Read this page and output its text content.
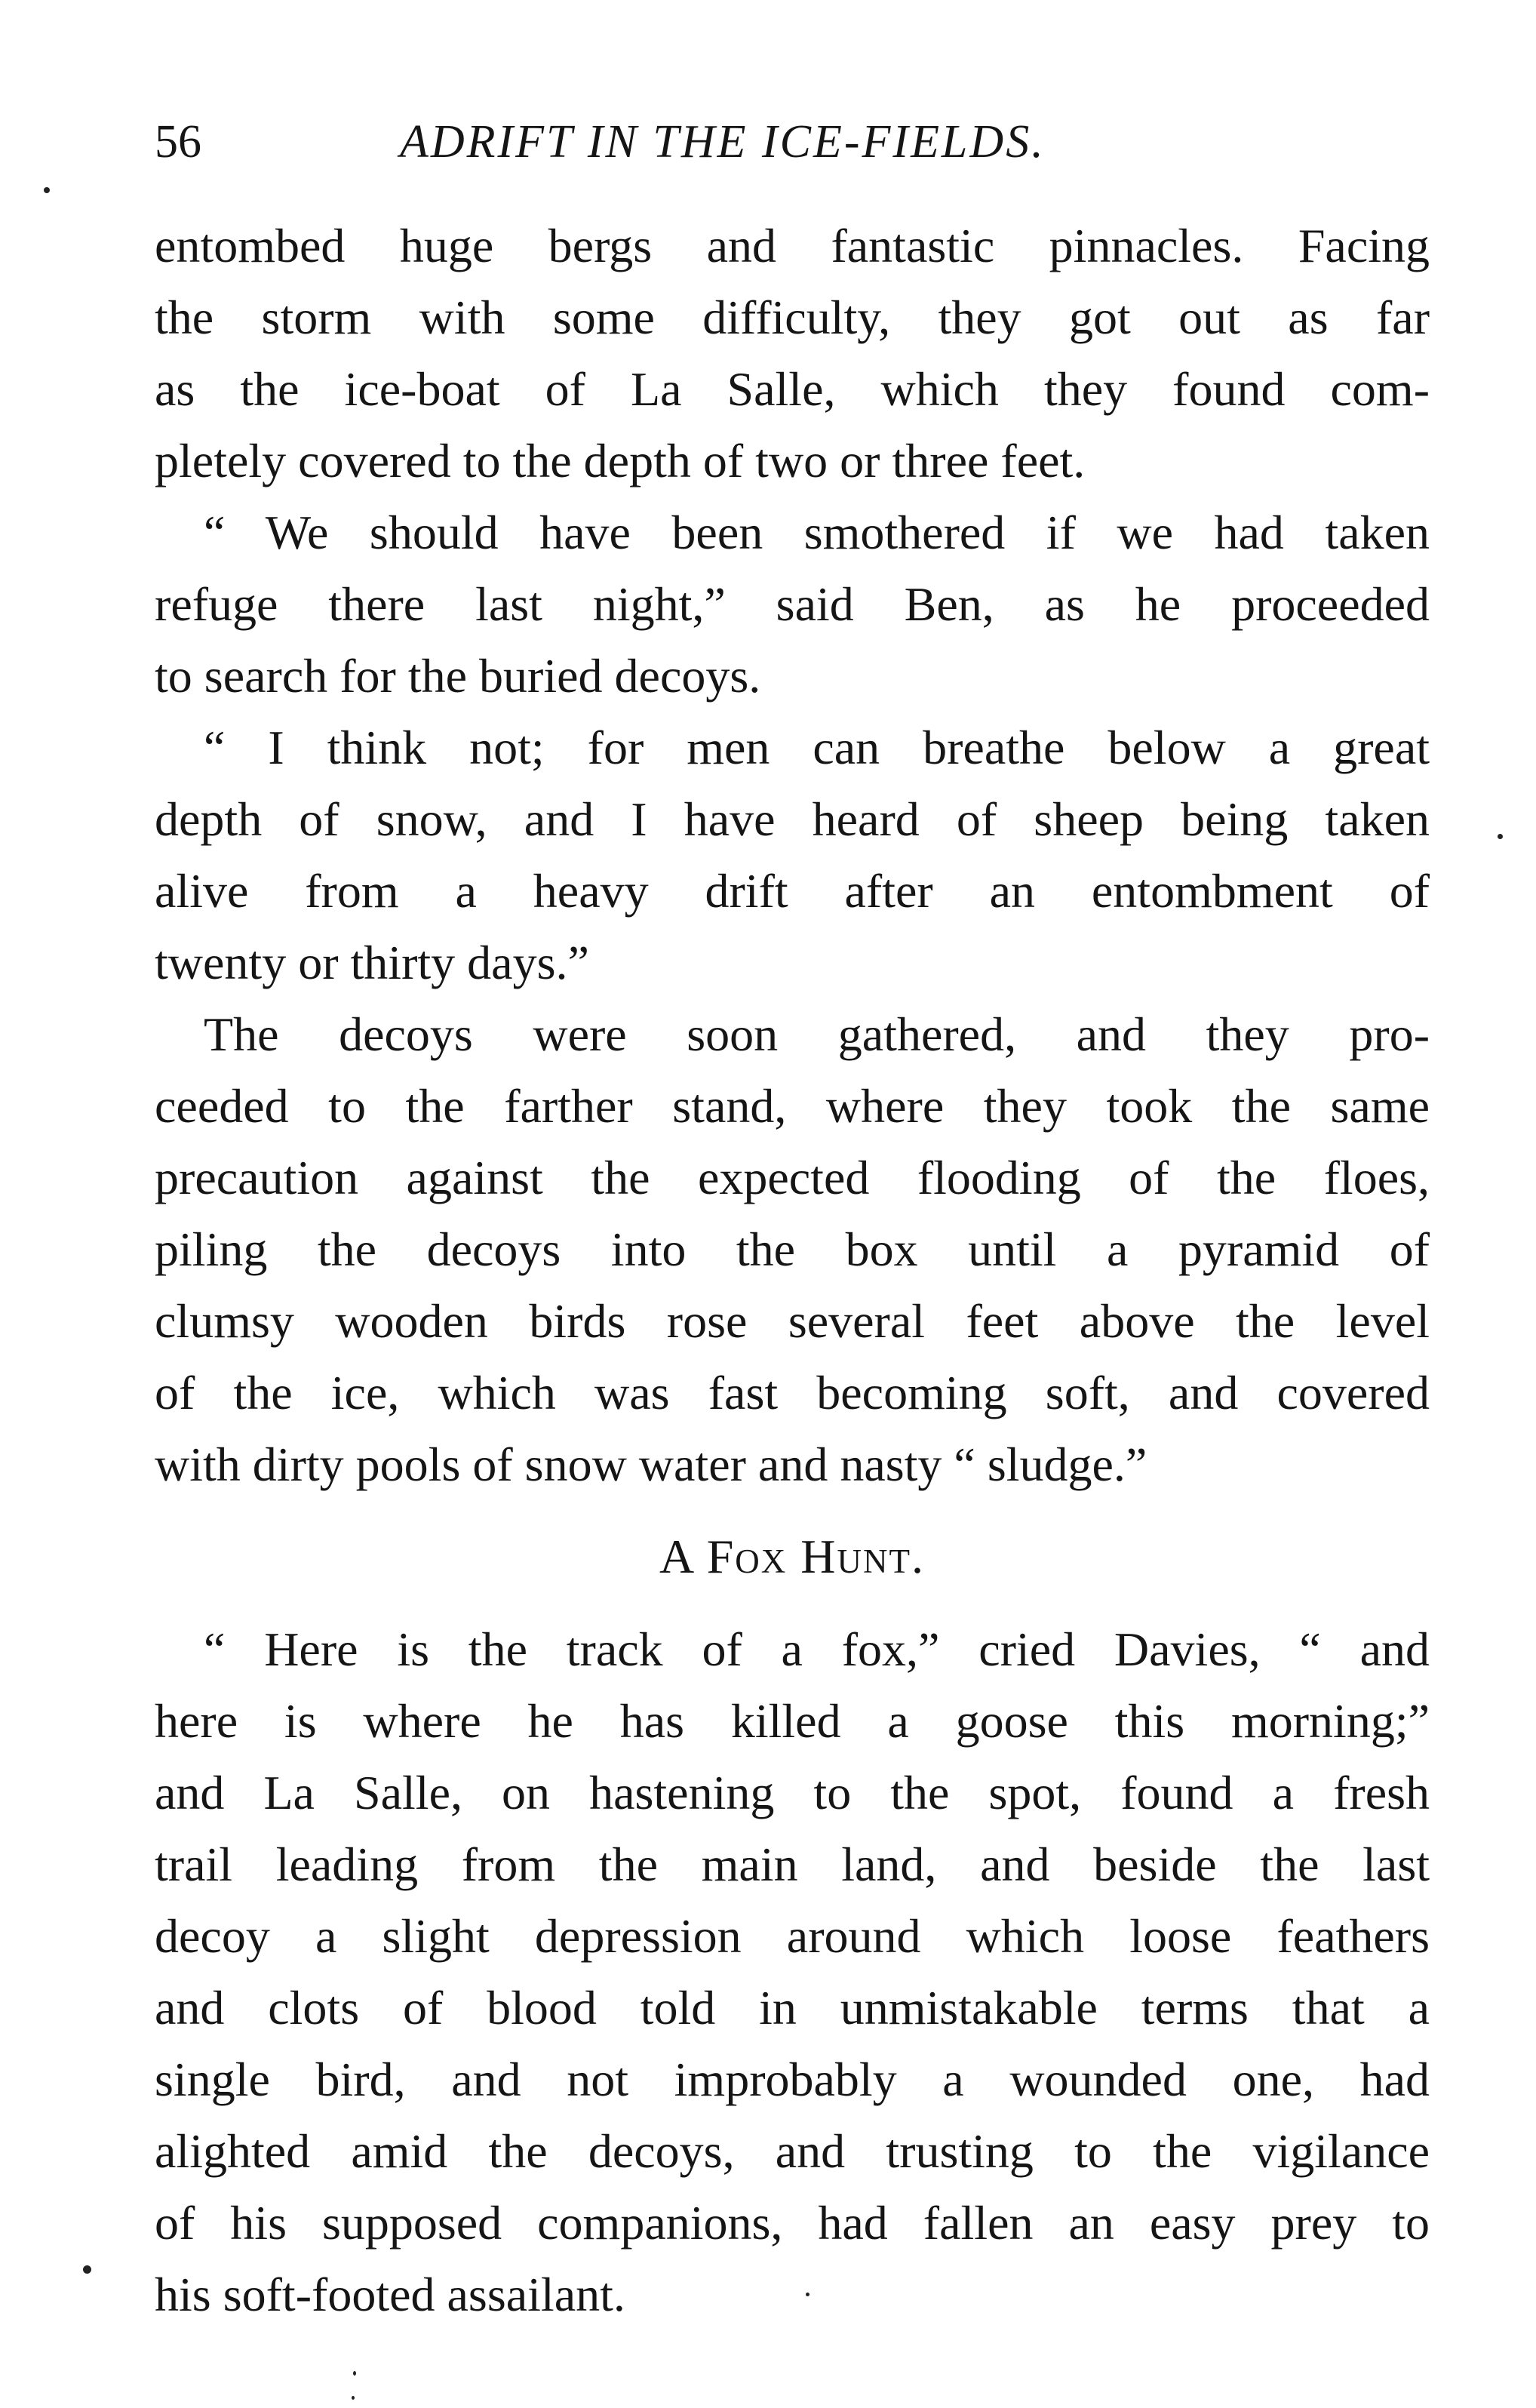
56	ADRIFT IN THE ICE-FIELDS.
entombed huge bergs and fantastic pinnacles. Facing
the storm with some difficulty, they got out as far
as the ice-boat of La Salle, which they found com-
pletely covered to the depth of two or three feet.
“ We should have been smothered if we had taken
refuge there last night,” said Ben, as he proceeded
to search for the buried decoys.
“ I think not; for men can breathe below a great
depth of snow, and I have heard of sheep being taken
alive from a heavy drift after an entombment of
twenty or thirty days.”
The decoys were soon gathered, and they pro-
ceeded to the farther stand, where they took the same
precaution against the expected flooding of the floes,
piling the decoys into the box until a pyramid of
clumsy wooden birds rose several feet above the level
of the ice, which was fast becoming soft, and covered
with dirty pools of snow water and nasty “ sludge.”
A Fox Hunt.
“ Here is the track of a fox,” cried Davies, “ and
here is where he has killed a goose this morning;”
and La Salle, on hastening to the spot, found a fresh
trail leading from the main land, and beside the last
decoy a slight depression around which loose feathers
and clots of blood told in unmistakable terms that a
single bird, and not improbably a wounded one, had
alighted amid the decoys, and trusting to the vigilance
of his supposed companions, had fallen an easy prey to
his soft-footed assailant.
